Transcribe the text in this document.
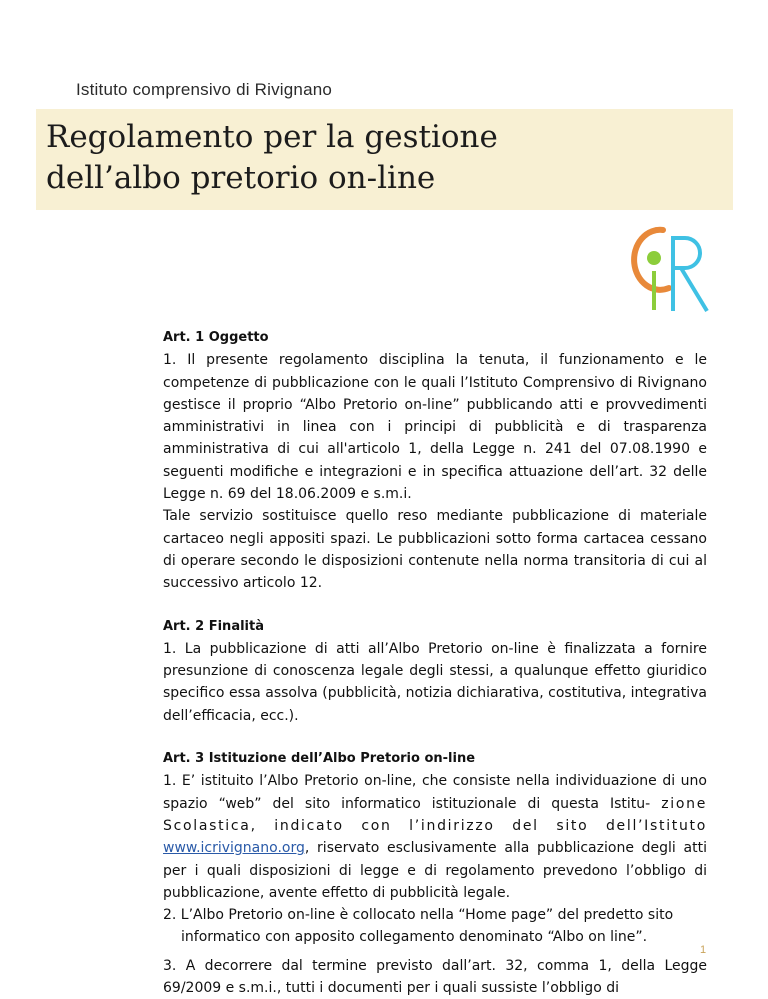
Istituto comprensivo di Rivignano
Regolamento per la gestione
dell’albo pretorio on-line

Art. 1 Oggetto

1. Il presente regolamento disciplina la tenuta, il funzionamento e le competenze di pubblicazione con le quali l’Istituto Comprensivo di Rivignano gestisce il proprio “Albo Pretorio on-line” pubblicando atti e provvedimenti amministrativi in linea con i principi di pubblicità e di trasparenza amministrativa di cui all'articolo 1, della Legge n. 241 del 07.08.1990 e seguenti modifiche e integrazioni e in specifica attuazione dell’art. 32 delle Legge n. 69 del 18.06.2009 e s.m.i.

Tale servizio sostituisce quello reso mediante pubblicazione di materiale cartaceo negli appositi spazi. Le pubblicazioni sotto forma cartacea cessano di operare secondo le disposizioni contenute nella norma transitoria di cui al successivo articolo 12.

Art. 2 Finalità

1. La pubblicazione di atti all’Albo Pretorio on-line è finalizzata a fornire presunzione di conoscenza legale degli stessi, a qualunque effetto giuridico specifico essa assolva (pubblicità, notizia dichiarativa, costitutiva, integrativa dell’efficacia, ecc.).

Art. 3 Istituzione dell’Albo Pretorio on-line

1. E’ istituito l’Albo Pretorio on-line, che consiste nella individuazione di uno spazio “web” del sito informatico istituzionale di questa Istitu- zione Scolastica, indicato con l’indirizzo del sito dell’Istituto www.icrivignano.org, riservato esclusivamente alla pubblicazione degli atti per i quali disposizioni di legge e di regolamento prevedono l’obbligo di pubblicazione, avente effetto di pubblicità legale.

2. L’Albo Pretorio on-line è collocato nella “Home page” del predetto sito informatico con apposito collegamento denominato “Albo on line”.

3. A decorrere dal termine previsto dall’art. 32, comma 1, della Legge 69/2009 e s.m.i., tutti i documenti per i quali sussiste l’obbligo di

1
